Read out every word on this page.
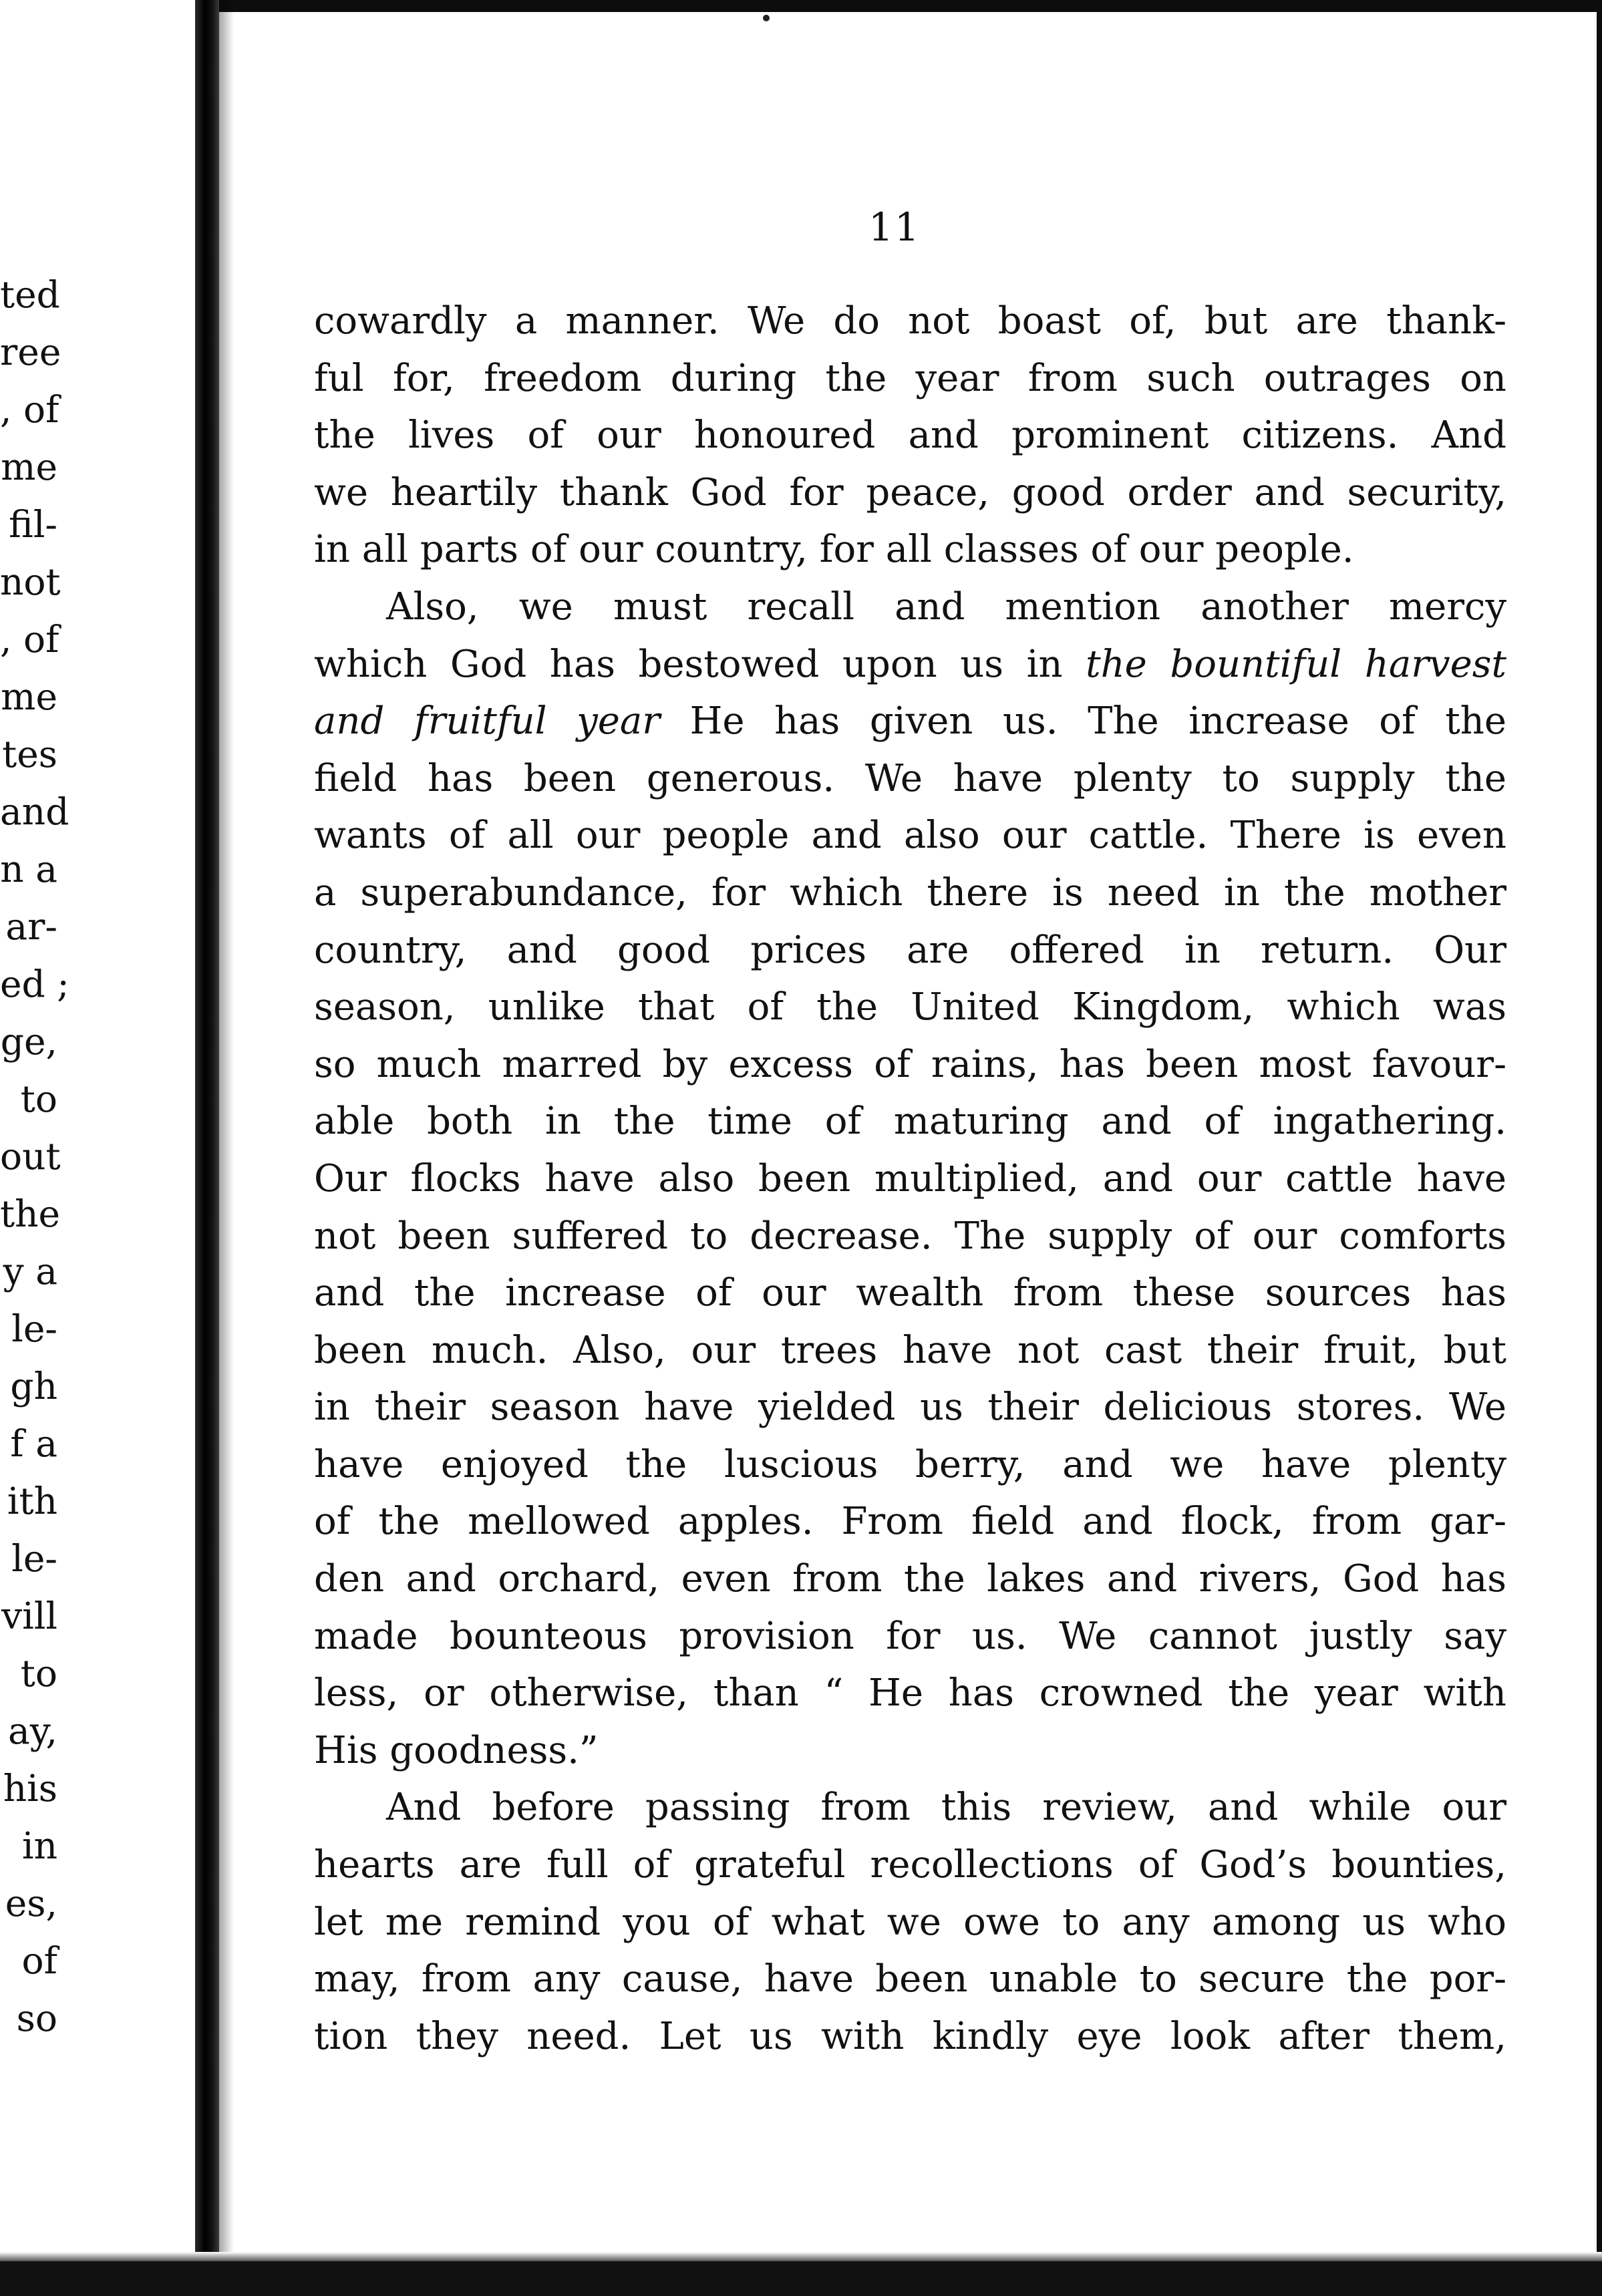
ted
ree
, of
me
fil-
not
, of
me
tes
and
n a
ar-
ed ;
ge,
to
out
the
y a
le-
gh
f a
ith
le-
vill
to
ay,
his
in
es,
of
so
11
cowardly a manner. We do not boast of, but are thank-
ful for, freedom during the year from such outrages on
the lives of our honoured and prominent citizens. And
we heartily thank God for peace, good order and security,
in all parts of our country, for all classes of our people.
Also, we must recall and mention another mercy
which God has bestowed upon us in the bountiful harvest
and fruitful year He has given us. The increase of the
field has been generous. We have plenty to supply the
wants of all our people and also our cattle. There is even
a superabundance, for which there is need in the mother
country, and good prices are offered in return. Our
season, unlike that of the United Kingdom, which was
so much marred by excess of rains, has been most favour-
able both in the time of maturing and of ingathering.
Our flocks have also been multiplied, and our cattle have
not been suffered to decrease. The supply of our comforts
and the increase of our wealth from these sources has
been much. Also, our trees have not cast their fruit, but
in their season have yielded us their delicious stores. We
have enjoyed the luscious berry, and we have plenty
of the mellowed apples. From field and flock, from gar-
den and orchard, even from the lakes and rivers, God has
made bounteous provision for us. We cannot justly say
less, or otherwise, than “ He has crowned the year with
His goodness.”
And before passing from this review, and while our
hearts are full of grateful recollections of God’s bounties,
let me remind you of what we owe to any among us who
may, from any cause, have been unable to secure the por-
tion they need. Let us with kindly eye look after them,
